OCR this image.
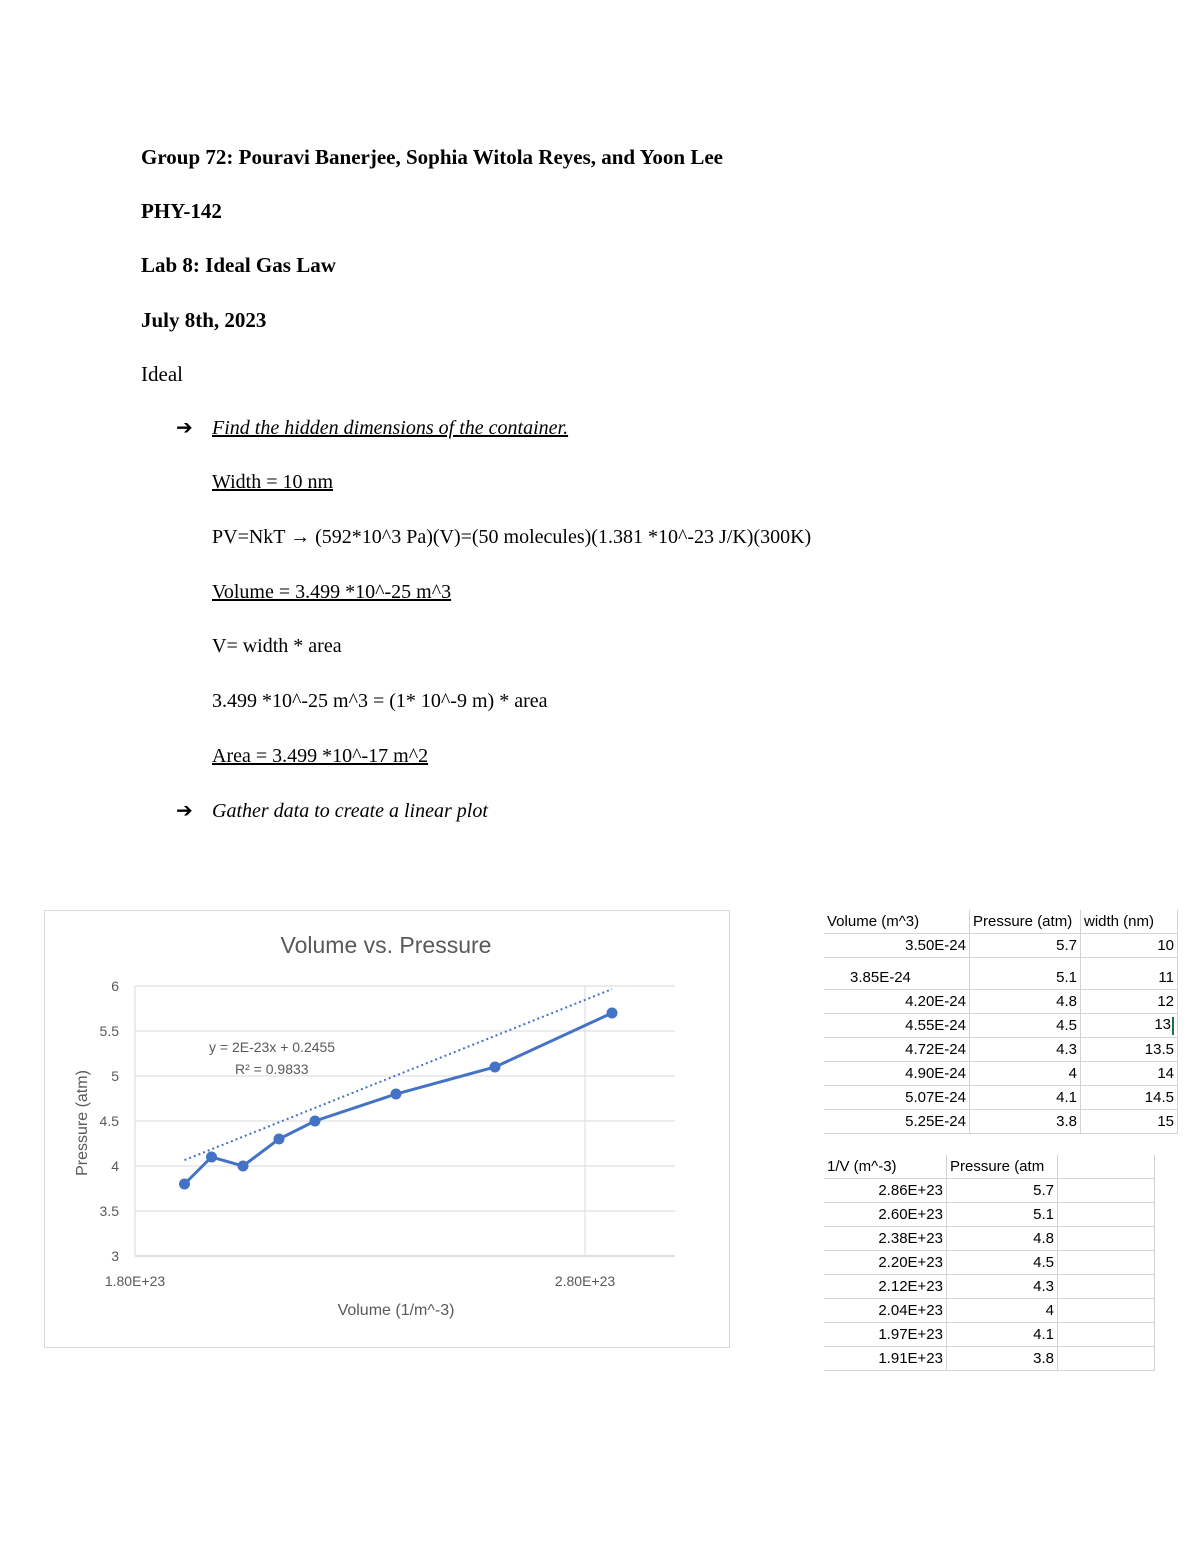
Group 72: Pouravi Banerjee, Sophia Witola Reyes, and Yoon Lee
PHY-142
Lab 8: Ideal Gas Law
July 8th, 2023
Ideal
➔ Find the hidden dimensions of the container.
Width = 10 nm
PV=NkT → (592*10^3 Pa)(V)=(50 molecules)(1.381 *10^-23 J/K)(300K)
Volume = 3.499 *10^-25 m^3
V= width * area
3.499 *10^-25 m^3 = (1* 10^-9 m) * area
Area = 3.499 *10^-17 m^2
➔ Gather data to create a linear plot
3
3.5
4
4.5
5
5.5
6
1.80E+23	2.80E+23
Volume vs. Pressure
Volume (1/m^-3)
Pressure (atm)
y = 2E-23x + 0.2455
R² = 0.9833
Volume (m^3)	Pressure (atm)	width (nm)
3.50E-24	5.7	10

3.85E-24	5.1	11
4.20E-24	4.8	12
4.55E-24	4.5	13
4.72E-24	4.3	13.5
4.90E-24	4	14
5.07E-24	4.1	14.5
5.25E-24	3.8	15
1/V (m^-3)	Pressure (atm	
2.86E+23	5.7	
2.60E+23	5.1	
2.38E+23	4.8	
2.20E+23	4.5	
2.12E+23	4.3	
2.04E+23	4	
1.97E+23	4.1	
1.91E+23	3.8	
